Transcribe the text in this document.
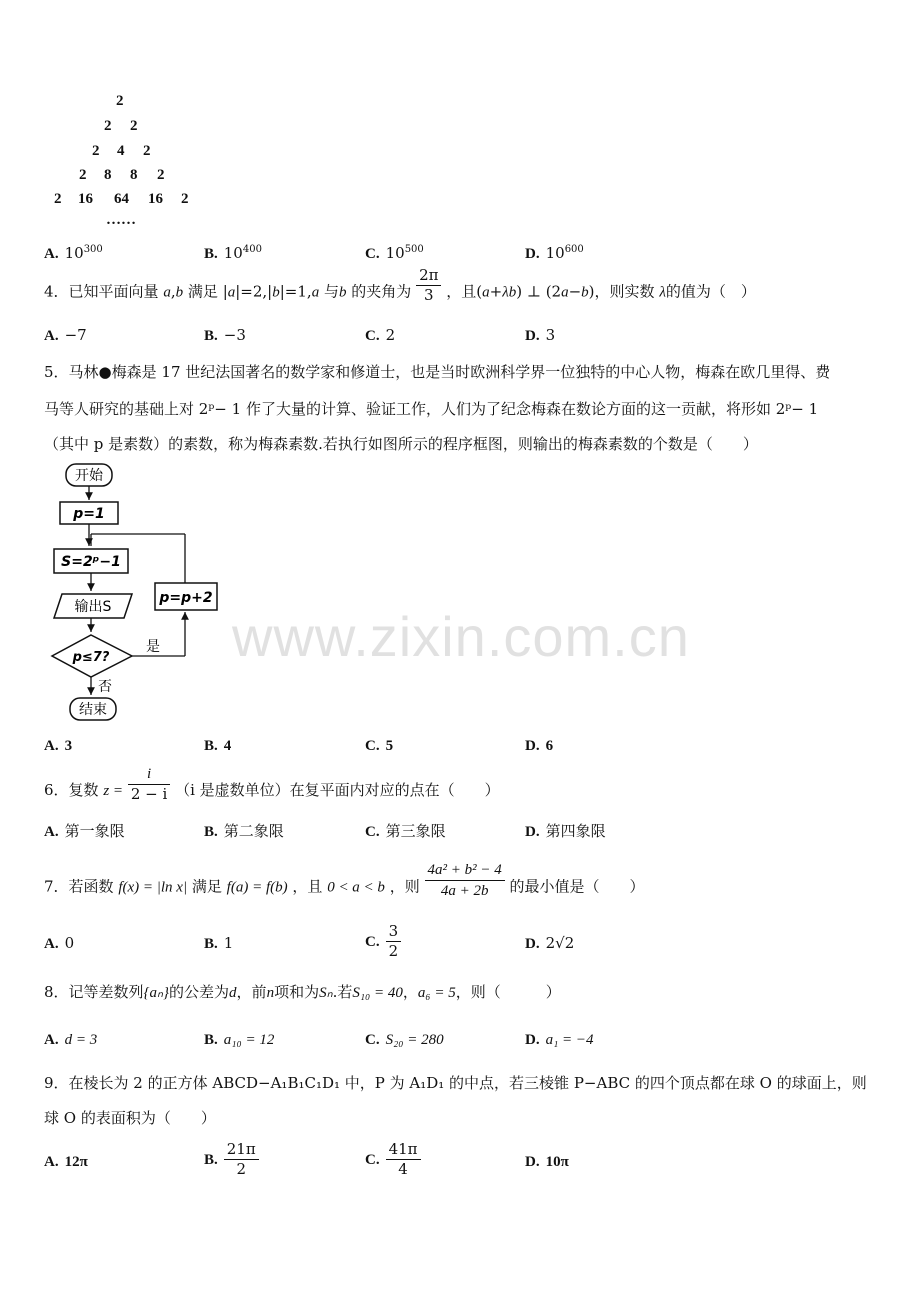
2
2 2
2 4 2
2 8 8 2
2 16 64 16 2
……
A. $10^{300}$	B. $10^{400}$	C. $10^{500}$	D. $10^{600}$
4．已知平面向量 a,b 满足 |a|=2,|b|=1,a 与b 的夹角为 $\frac{2\pi}{3}$ ，且(a+λb) ⊥ (2a−b)，则实数 λ的值为（　）
A. −7	B. −3	C. 2	D. 3
5．马林●梅森是 17 世纪法国著名的数学家和修道士，也是当时欧洲科学界一位独特的中心人物，梅森在欧几里得、费
马等人研究的基础上对 2ᵖ− 1 作了大量的计算、验证工作，人们为了纪念梅森在数论方面的这一贡献，将形如 2ᵖ− 1
（其中 p 是素数）的素数，称为梅森素数.若执行如图所示的程序框图，则输出的梅森素数的个数是（　　）
开始
p=1
S=2ᵖ−1
输出S
p≤7?
是
p=p+2
否
结束
A. 3	B. 4	C. 5	D. 6
6．复数 $z = \frac{i}{2 - i} (i$ 是虚数单位）在复平面内对应的点在（　　）
A. 第一象限	B. 第二象限	C. 第三象限	D. 第四象限
7．若函数 f(x) = |ln x| 满足 f(a) = f(b) ，且 0 < a < b ，则 $\frac{\text{4a² + b² − 4}}{4a + 2b}$ 的最小值是（　　）
A. 0	B. 1	C. $\frac{3}{2}$	D. 2√2
8．记等差数列{aₙ}的公差为d，前n项和为Sₙ.若S₁₀ = 40，a₆ = 5，则（　　　）
A. d = 3	B. a₁₀ = 12	C. S₂₀ = 280	D. a₁ = −4
9．在棱长为 2 的正方体 ABCD−A₁B₁C₁D₁ 中，P 为 A₁D₁ 的中点，若三棱锥 P−ABC 的四个顶点都在球 O 的球面上，则
球 O 的表面积为（　　）
A. 12π	B. $\frac{21\pi}{2}$	C. $\frac{41\pi}{4}$	D. 10π
www.zixin.com.cn
